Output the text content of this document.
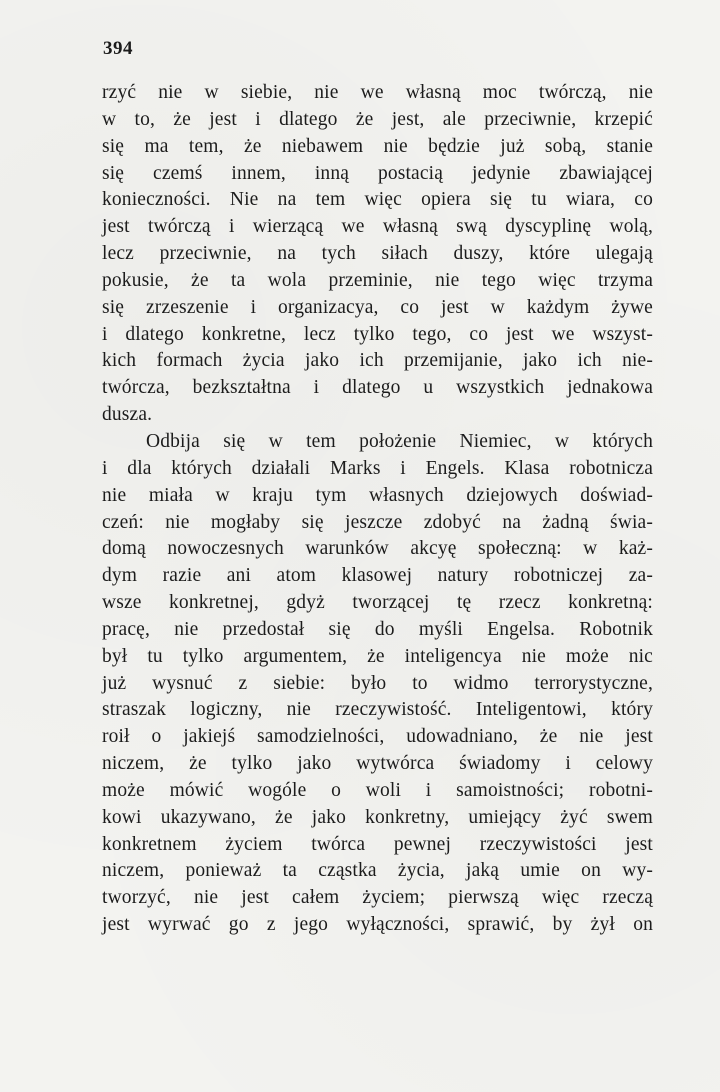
394
rzyć nie w siebie, nie we własną moc twórczą, nie
w to, że jest i dlatego że jest, ale przeciwnie, krzepić
się ma tem, że niebawem nie będzie już sobą, stanie
się czemś innem, inną postacią jedynie zbawiającej
konieczności. Nie na tem więc opiera się tu wiara, co
jest twórczą i wierzącą we własną swą dyscyplinę wolą,
lecz przeciwnie, na tych siłach duszy, które ulegają
pokusie, że ta wola przeminie, nie tego więc trzyma
się zrzeszenie i organizacya, co jest w każdym żywe
i dlatego konkretne, lecz tylko tego, co jest we wszyst-
kich formach życia jako ich przemijanie, jako ich nie-
twórcza, bezkształtna i dlatego u wszystkich jednakowa
dusza.
Odbija się w tem położenie Niemiec, w których
i dla których działali Marks i Engels. Klasa robotnicza
nie miała w kraju tym własnych dziejowych doświad-
czeń: nie mogłaby się jeszcze zdobyć na żadną świa-
domą nowoczesnych warunków akcyę społeczną: w każ-
dym razie ani atom klasowej natury robotniczej za-
wsze konkretnej, gdyż tworzącej tę rzecz konkretną:
pracę, nie przedostał się do myśli Engelsa. Robotnik
był tu tylko argumentem, że inteligencya nie może nic
już wysnuć z siebie: było to widmo terrorystyczne,
straszak logiczny, nie rzeczywistość. Inteligentowi, który
roił o jakiejś samodzielności, udowadniano, że nie jest
niczem, że tylko jako wytwórca świadomy i celowy
może mówić wogóle o woli i samoistności; robotni-
kowi ukazywano, że jako konkretny, umiejący żyć swem
konkretnem życiem twórca pewnej rzeczywistości jest
niczem, ponieważ ta cząstka życia, jaką umie on wy-
tworzyć, nie jest całem życiem; pierwszą więc rzeczą
jest wyrwać go z jego wyłączności, sprawić, by żył on
